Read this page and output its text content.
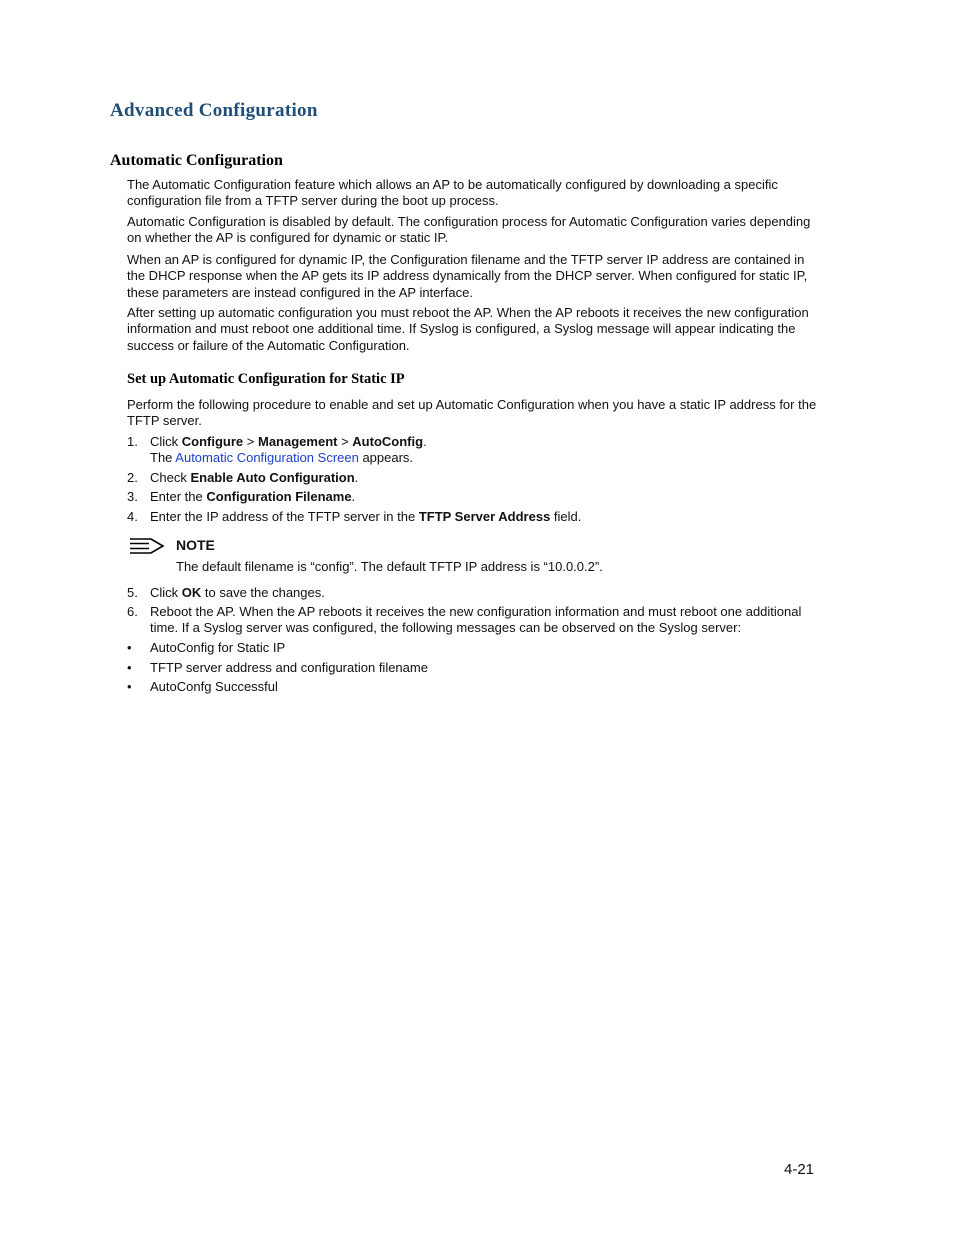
Advanced Configuration
Automatic Configuration

The Automatic Configuration feature which allows an AP to be automatically configured by downloading a specific configuration file from a TFTP server during the boot up process.

Automatic Configuration is disabled by default. The configuration process for Automatic Configuration varies depending on whether the AP is configured for dynamic or static IP.

When an AP is configured for dynamic IP, the Configuration filename and the TFTP server IP address are contained in the DHCP response when the AP gets its IP address dynamically from the DHCP server. When configured for static IP, these parameters are instead configured in the AP interface.

After setting up automatic configuration you must reboot the AP. When the AP reboots it receives the new configuration information and must reboot one additional time. If Syslog is configured, a Syslog message will appear indicating the success or failure of the Automatic Configuration.

Set up Automatic Configuration for Static IP

Perform the following procedure to enable and set up Automatic Configuration when you have a static IP address for the TFTP server.

1. Click Configure > Management > AutoConfig.
The Automatic Configuration Screen appears.
2. Check Enable Auto Configuration.
3. Enter the Configuration Filename.
4. Enter the IP address of the TFTP server in the TFTP Server Address field.
NOTE
The default filename is “config”. The default TFTP IP address is “10.0.0.2”.
5. Click OK to save the changes.
6. Reboot the AP. When the AP reboots it receives the new configuration information and must reboot one additional time. If a Syslog server was configured, the following messages can be observed on the Syslog server:
• AutoConfig for Static IP
• TFTP server address and configuration filename
• AutoConfg Successful
4-21
